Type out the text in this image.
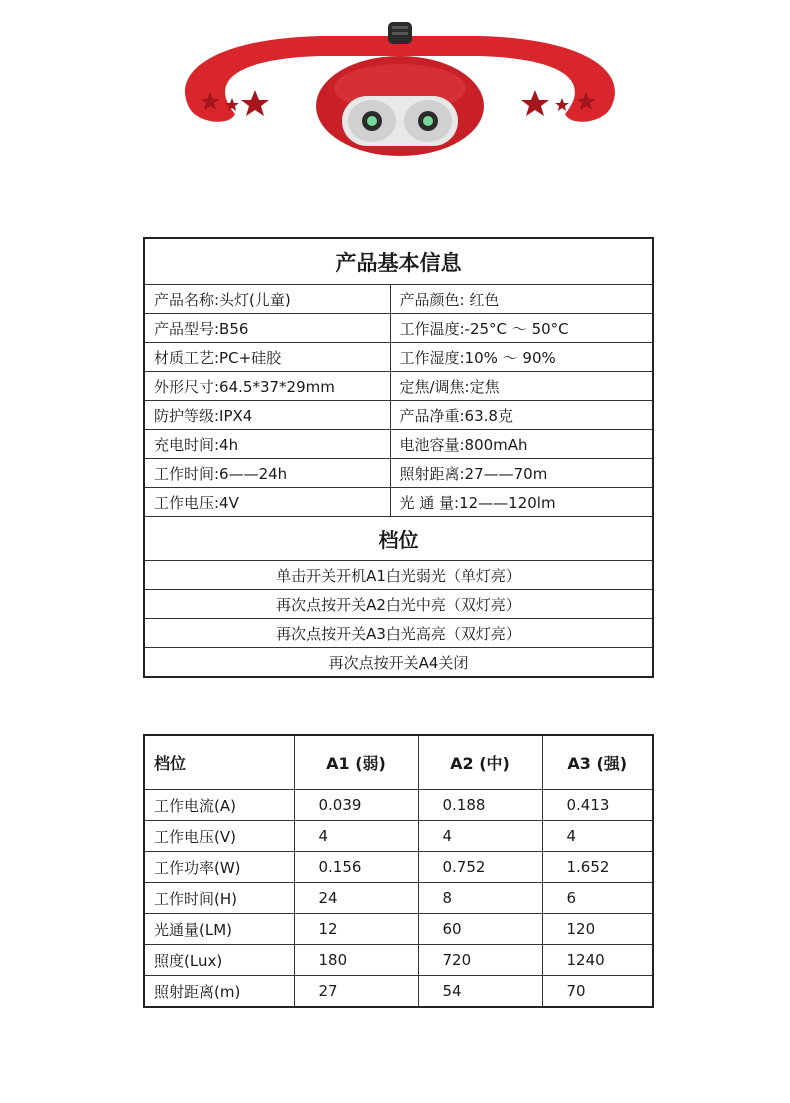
产品基本信息	
产品名称:头灯(儿童)	产品颜色: 红色
产品型号:B56	工作温度:-25°C ～ 50°C
材质工艺:PC+硅胶	工作湿度:10% ～ 90%
外形尺寸:64.5*37*29mm	定焦/调焦:定焦
防护等级:IPX4	产品净重:63.8克
充电时间:4h	电池容量:800mAh
工作时间:6——24h	照射距离:27——70m
工作电压:4V	光 通 量:12——120lm
档位	
单击开关开机A1白光弱光（单灯亮）	
再次点按开关A2白光中亮（双灯亮）	
再次点按开关A3白光高亮（双灯亮）	
再次点按开关A4关闭	
档位	A1 (弱)	A2 (中)	A3 (强)
工作电流(A)	0.039	0.188	0.413
工作电压(V)	4	4	4
工作功率(W)	0.156	0.752	1.652
工作时间(H)	24	8	6
光通量(LM)	12	60	120
照度(Lux)	180	720	1240
照射距离(m)	27	54	70
